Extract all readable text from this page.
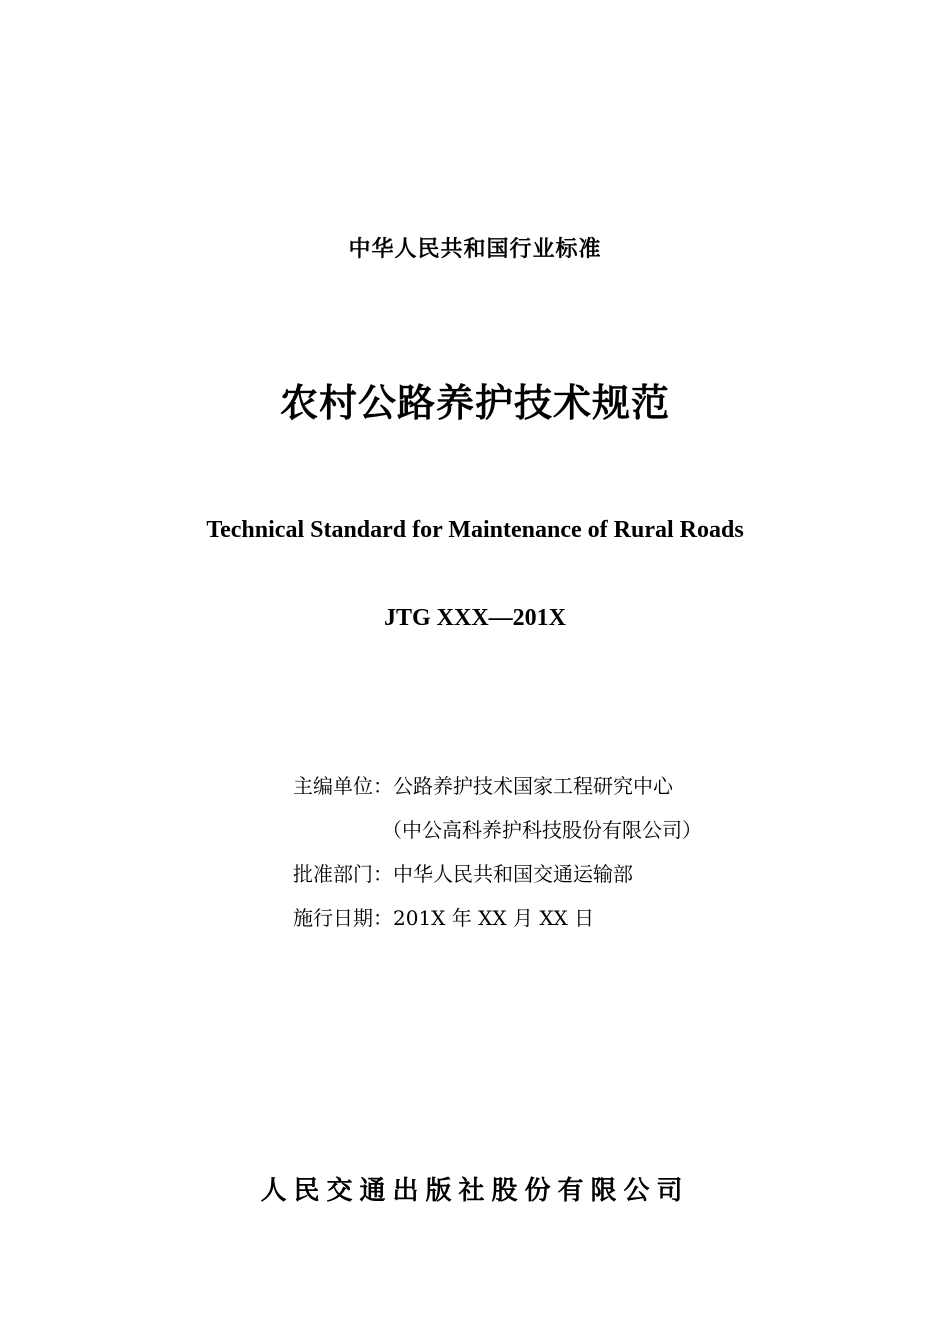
中华人民共和国行业标准
农村公路养护技术规范
Technical Standard for Maintenance of Rural Roads
JTG XXX—201X
主编单位：公路养护技术国家工程研究中心
（中公高科养护科技股份有限公司）
批准部门：中华人民共和国交通运输部
施行日期：201X 年 XX 月 XX 日
人民交通出版社股份有限公司
